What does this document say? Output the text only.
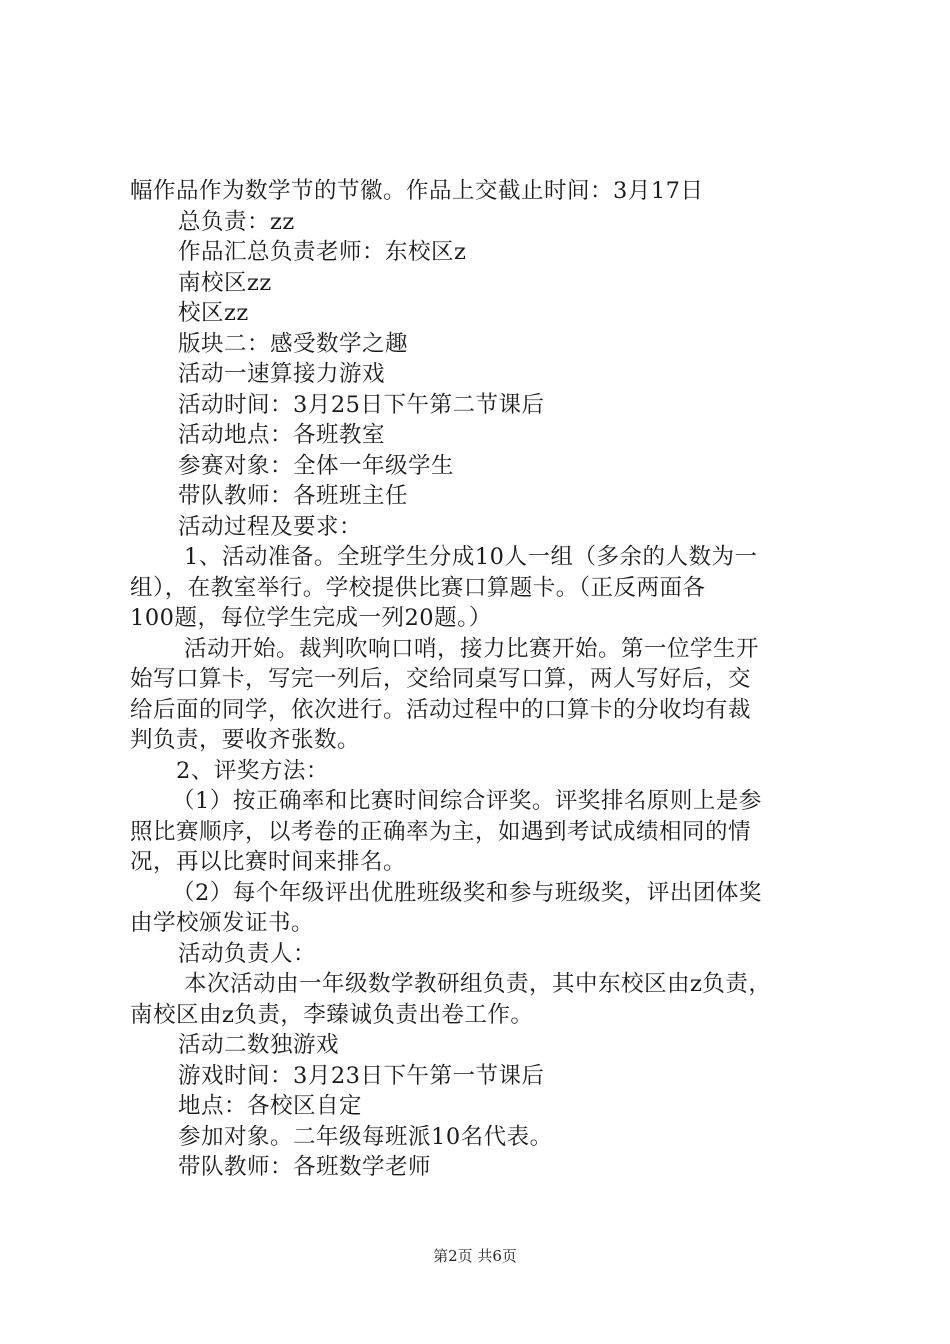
幅作品作为数学节的节徽。作品上交截止时间：3月17日
总负责：zz
作品汇总负责老师：东校区z
南校区zz
校区zz
版块二：感受数学之趣
活动一速算接力游戏
活动时间：3月25日下午第二节课后
活动地点：各班教室
参赛对象：全体一年级学生
带队教师：各班班主任
活动过程及要求：
1、活动准备。全班学生分成10人一组（多余的人数为一
组），在教室举行。学校提供比赛口算题卡。（正反两面各
100题，每位学生完成一列20题。）
活动开始。裁判吹响口哨，接力比赛开始。第一位学生开
始写口算卡，写完一列后，交给同桌写口算，两人写好后，交
给后面的同学，依次进行。活动过程中的口算卡的分收均有裁
判负责，要收齐张数。
2、评奖方法：
（1）按正确率和比赛时间综合评奖。评奖排名原则上是参
照比赛顺序，以考卷的正确率为主，如遇到考试成绩相同的情
况，再以比赛时间来排名。
（2）每个年级评出优胜班级奖和参与班级奖，评出团体奖
由学校颁发证书。
活动负责人：
本次活动由一年级数学教研组负责，其中东校区由z负责，
南校区由z负责，李臻诚负责出卷工作。
活动二数独游戏
游戏时间：3月23日下午第一节课后
地点：各校区自定
参加对象。二年级每班派10名代表。
带队教师：各班数学老师
第2页 共6页
